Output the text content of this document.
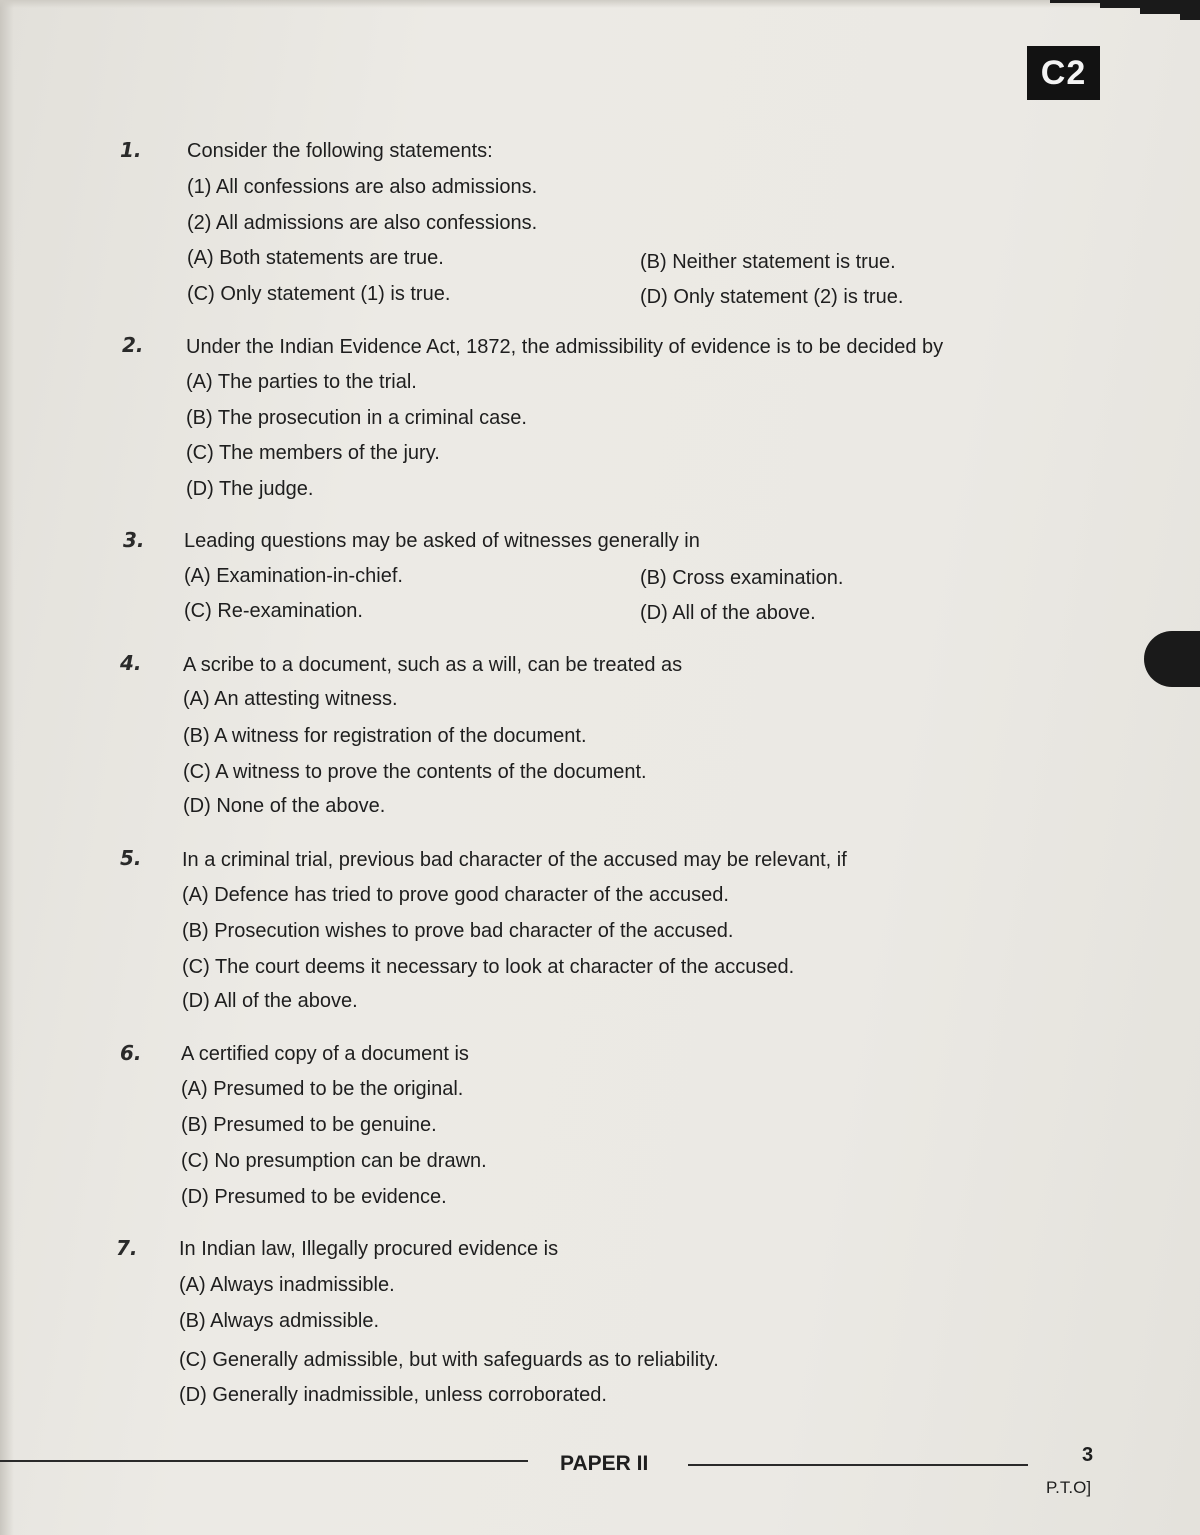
C2
1. Consider the following statements:
(1) All confessions are also admissions.
(2) All admissions are also confessions.
(A) Both statements are true.	(B) Neither statement is true.
(C) Only statement (1) is true.	(D) Only statement (2) is true.
2. Under the Indian Evidence Act, 1872, the admissibility of evidence is to be decided by
(A) The parties to the trial.
(B) The prosecution in a criminal case.
(C) The members of the jury.
(D) The judge.
3. Leading questions may be asked of witnesses generally in
(A) Examination-in-chief.	(B) Cross examination.
(C) Re-examination.	(D) All of the above.
4. A scribe to a document, such as a will, can be treated as
(A) An attesting witness.
(B) A witness for registration of the document.
(C) A witness to prove the contents of the document.
(D) None of the above.
5. In a criminal trial, previous bad character of the accused may be relevant, if
(A) Defence has tried to prove good character of the accused.
(B) Prosecution wishes to prove bad character of the accused.
(C) The court deems it necessary to look at character of the accused.
(D) All of the above.
6. A certified copy of a document is
(A) Presumed to be the original.
(B) Presumed to be genuine.
(C) No presumption can be drawn.
(D) Presumed to be evidence.
7. In Indian law, Illegally procured evidence is
(A) Always inadmissible.
(B) Always admissible.
(C) Generally admissible, but with safeguards as to reliability.
(D) Generally inadmissible, unless corroborated.
PAPER II	3
P.T.O]
